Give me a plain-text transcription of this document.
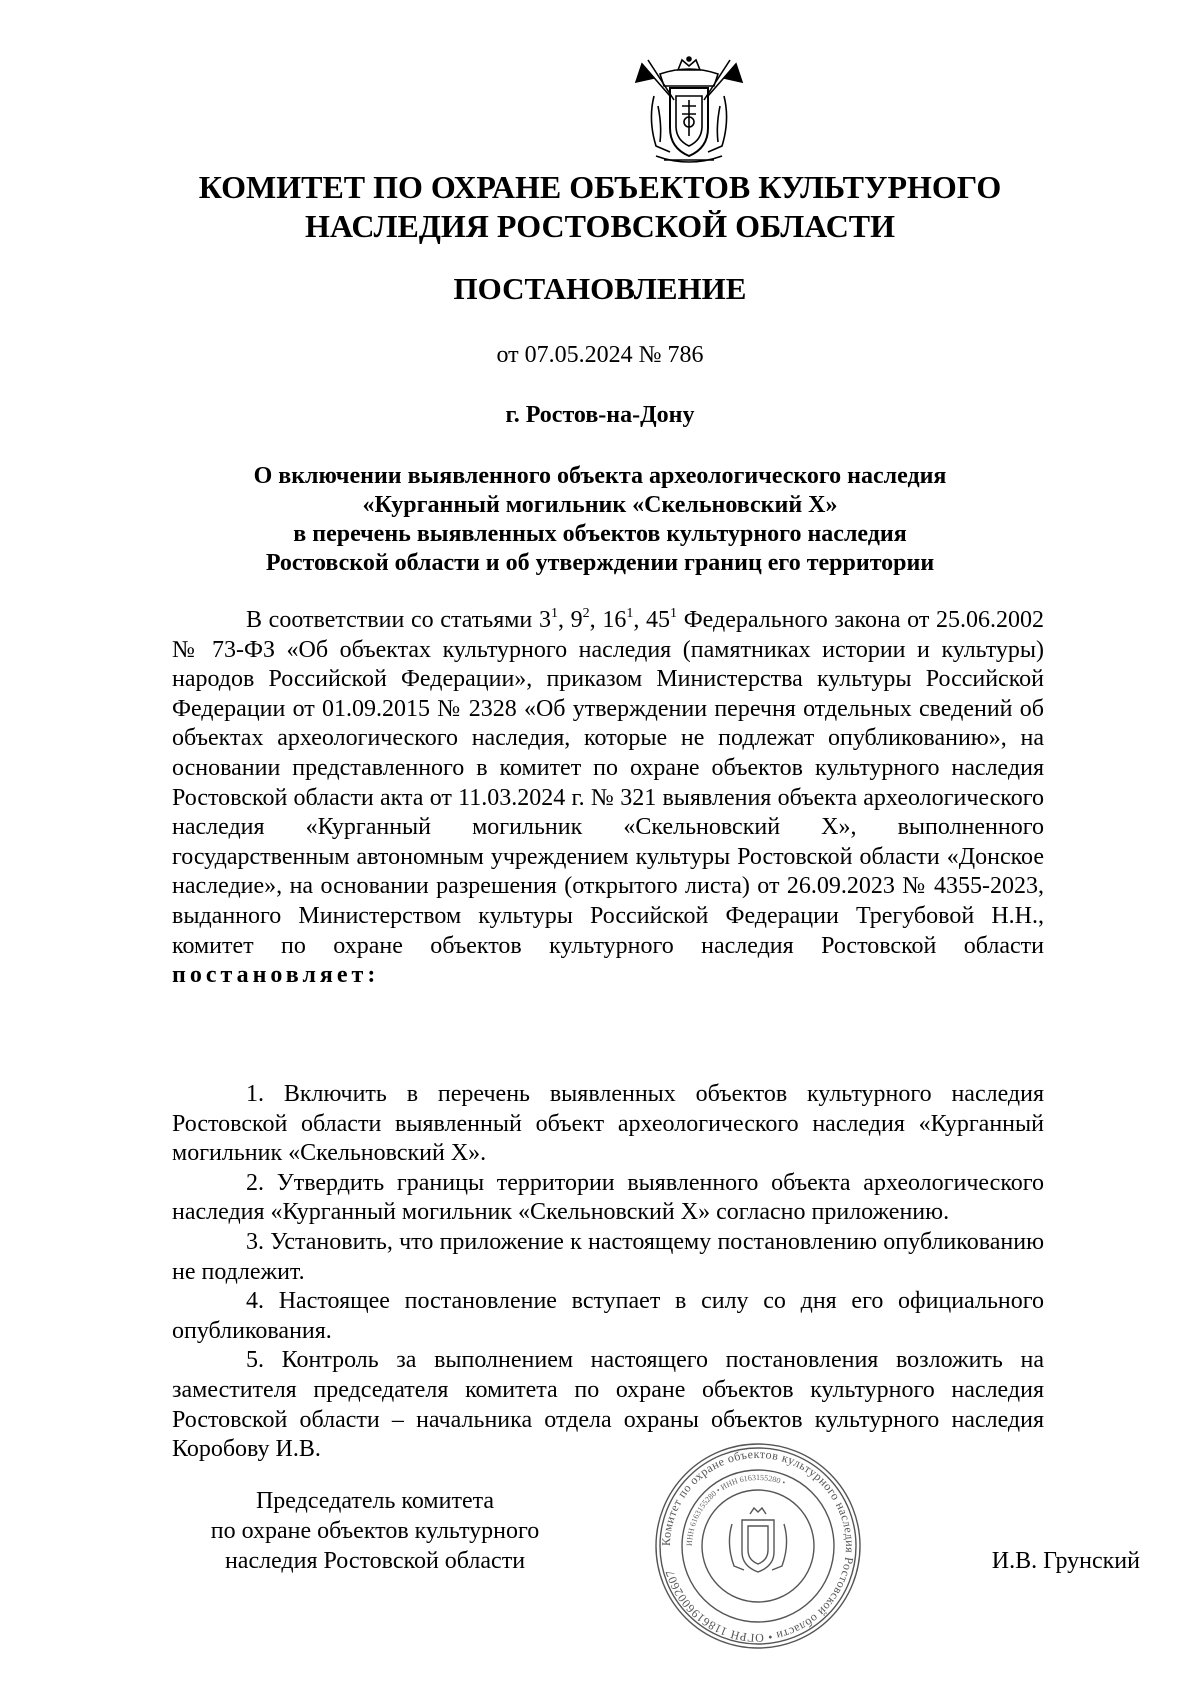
КОМИТЕТ ПО ОХРАНЕ ОБЪЕКТОВ КУЛЬТУРНОГО
НАСЛЕДИЯ РОСТОВСКОЙ ОБЛАСТИ
ПОСТАНОВЛЕНИЕ
от 07.05.2024 № 786
г. Ростов-на-Дону
О включении выявленного объекта археологического наследия
«Курганный могильник «Скельновский Х»
в перечень выявленных объектов культурного наследия
Ростовской области и об утверждении границ его территории

В соответствии со статьями $3^1$, $9^2$, $16^1$, $45^1$ Федерального закона от 25.06.2002 № 73-ФЗ «Об объектах культурного наследия (памятниках истории и культуры) народов Российской Федерации», приказом Министерства культуры Российской Федерации от 01.09.2015 № 2328 «Об утверждении перечня отдельных сведений об объектах археологического наследия, которые не подлежат опубликованию», на основании представленного в комитет по охране объектов культурного наследия Ростовской области акта от 11.03.2024 г. № 321 выявления объекта археологического наследия «Курганный могильник «Скельновский Х», выполненного государственным автономным учреждением культуры Ростовской области «Донское наследие», на основании разрешения (открытого листа) от 26.09.2023 № 4355-2023, выданного Министерством культуры Российской Федерации Трегубовой Н.Н., комитет по охране объектов культурного наследия Ростовской области постановляет:

1. Включить в перечень выявленных объектов культурного наследия Ростовской области выявленный объект археологического наследия «Курганный могильник «Скельновский Х».

2. Утвердить границы территории выявленного объекта археологического наследия «Курганный могильник «Скельновский Х» согласно приложению.

3. Установить, что приложение к настоящему постановлению опубликованию не подлежит.

4. Настоящее постановление вступает в силу со дня его официального опубликования.

5. Контроль за выполнением настоящего постановления возложить на заместителя председателя комитета по охране объектов культурного наследия Ростовской области – начальника отдела охраны объектов культурного наследия Коробову И.В.

Председатель комитета
по охране объектов культурного
наследия Ростовской области
Комитет по охране объектов культурного наследия Ростовской области • ОГРН 1186196002607
ИНН 6163155280 • ИНН 6163155280 •
И.В. Грунский
